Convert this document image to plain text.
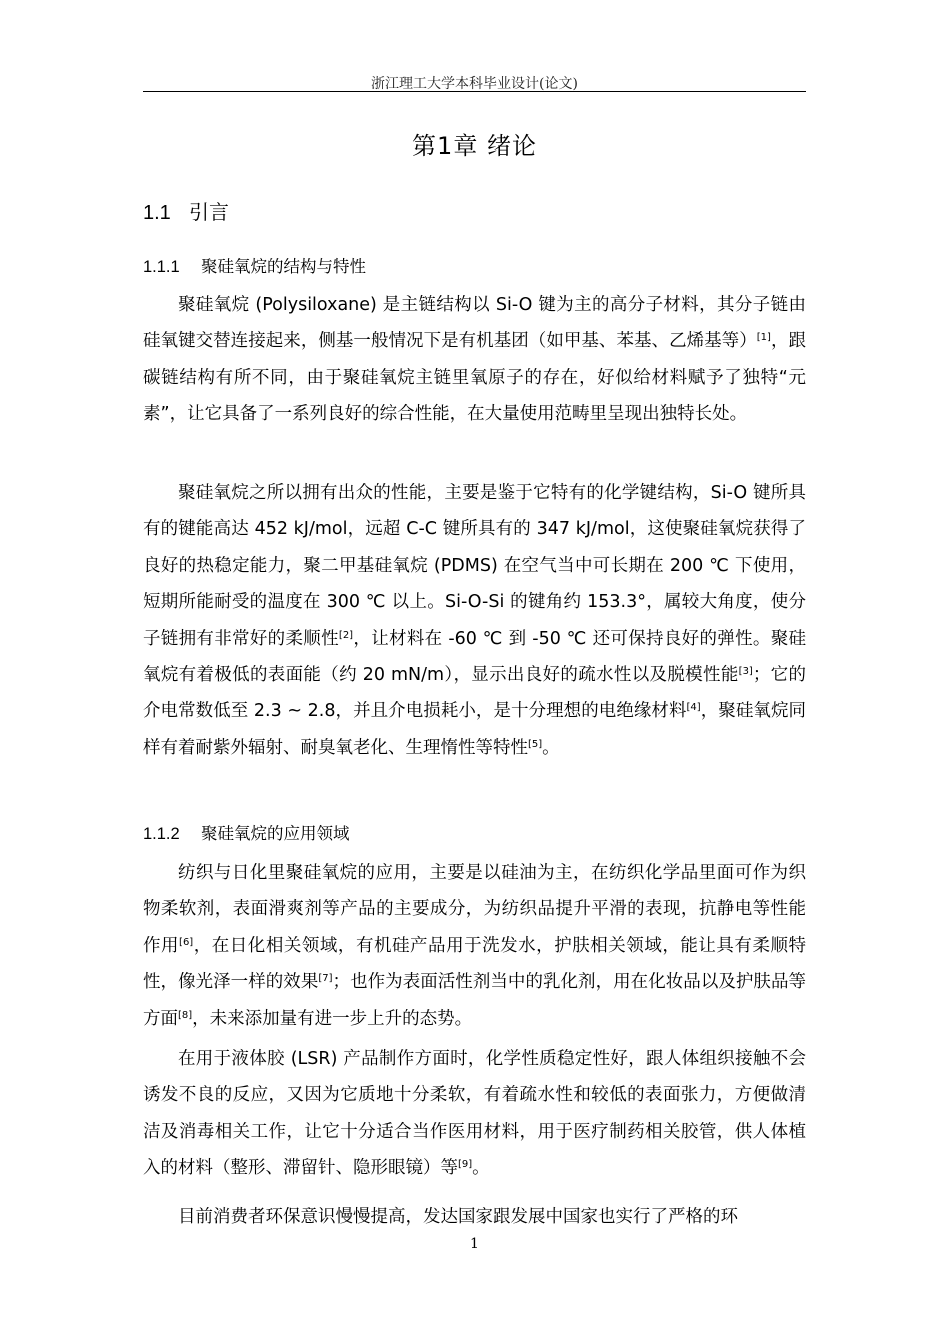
浙江理工大学本科毕业设计(论文)
第1章 绪论
1.1 引言
1.1.1 聚硅氧烷的结构与特性

聚硅氧烷 (Polysiloxane) 是主链结构以 Si-O 键为主的高分子材料，其分子链由硅氧键交替连接起来，侧基一般情况下是有机基团（如甲基、苯基、乙烯基等）[1]，跟碳链结构有所不同，由于聚硅氧烷主链里氧原子的存在，好似给材料赋予了独特“元素”，让它具备了一系列良好的综合性能，在大量使用范畴里呈现出独特长处。

聚硅氧烷之所以拥有出众的性能，主要是鉴于它特有的化学键结构，Si-O 键所具有的键能高达 452 kJ/mol，远超 C-C 键所具有的 347 kJ/mol，这使聚硅氧烷获得了良好的热稳定能力，聚二甲基硅氧烷 (PDMS) 在空气当中可长期在 200 ℃ 下使用，短期所能耐受的温度在 300 ℃ 以上。Si-O-Si 的键角约 153.3°，属较大角度，使分子链拥有非常好的柔顺性[2]，让材料在 -60 ℃ 到 -50 ℃ 还可保持良好的弹性。聚硅氧烷有着极低的表面能（约 20 mN/m），显示出良好的疏水性以及脱模性能[3]；它的介电常数低至 2.3 ~ 2.8，并且介电损耗小，是十分理想的电绝缘材料[4]，聚硅氧烷同样有着耐紫外辐射、耐臭氧老化、生理惰性等特性[5]。

1.1.2 聚硅氧烷的应用领域

纺织与日化里聚硅氧烷的应用，主要是以硅油为主，在纺织化学品里面可作为织物柔软剂，表面滑爽剂等产品的主要成分，为纺织品提升平滑的表现，抗静电等性能作用[6]，在日化相关领域，有机硅产品用于洗发水，护肤相关领域，能让具有柔顺特性，像光泽一样的效果[7]；也作为表面活性剂当中的乳化剂，用在化妆品以及护肤品等方面[8]，未来添加量有进一步上升的态势。

在用于液体胶 (LSR) 产品制作方面时，化学性质稳定性好，跟人体组织接触不会诱发不良的反应，又因为它质地十分柔软，有着疏水性和较低的表面张力，方便做清洁及消毒相关工作，让它十分适合当作医用材料，用于医疗制药相关胶管，供人体植入的材料（整形、滞留针、隐形眼镜）等[9]。

目前消费者环保意识慢慢提高，发达国家跟发展中国家也实行了严格的环

1
